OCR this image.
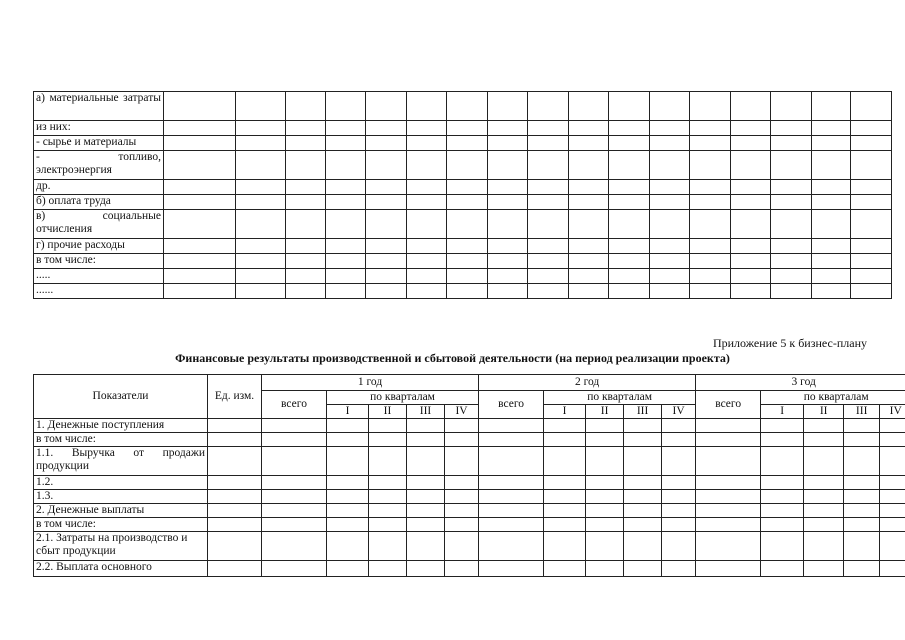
а) материальные затраты																	
из них:																	
- сырье и материалы																	
- топливо, электроэнергия																	
др.																	
б) оплата труда																	
в) социальные отчисления																	
г) прочие расходы																	
в том числе:																	
.....																	
......																	
Приложение 5 к бизнес-плану
Финансовые результаты производственной и сбытовой деятельности (на период реализации проекта)
Показатели	Ед. изм.	1 год					2 год					3 год				
		всего	по кварталам				всего	по кварталам				всего	по кварталам			
			I	II	III	IV		I	II	III	IV		I	II	III	IV
1. Денежные поступления																
в том числе:																
1.1. Выручка от продажи продукции																
1.2.																
1.3.																
2. Денежные выплаты																
в том числе:																
2.1. Затраты на производство и сбыт продукции																
2.2. Выплата основного																
